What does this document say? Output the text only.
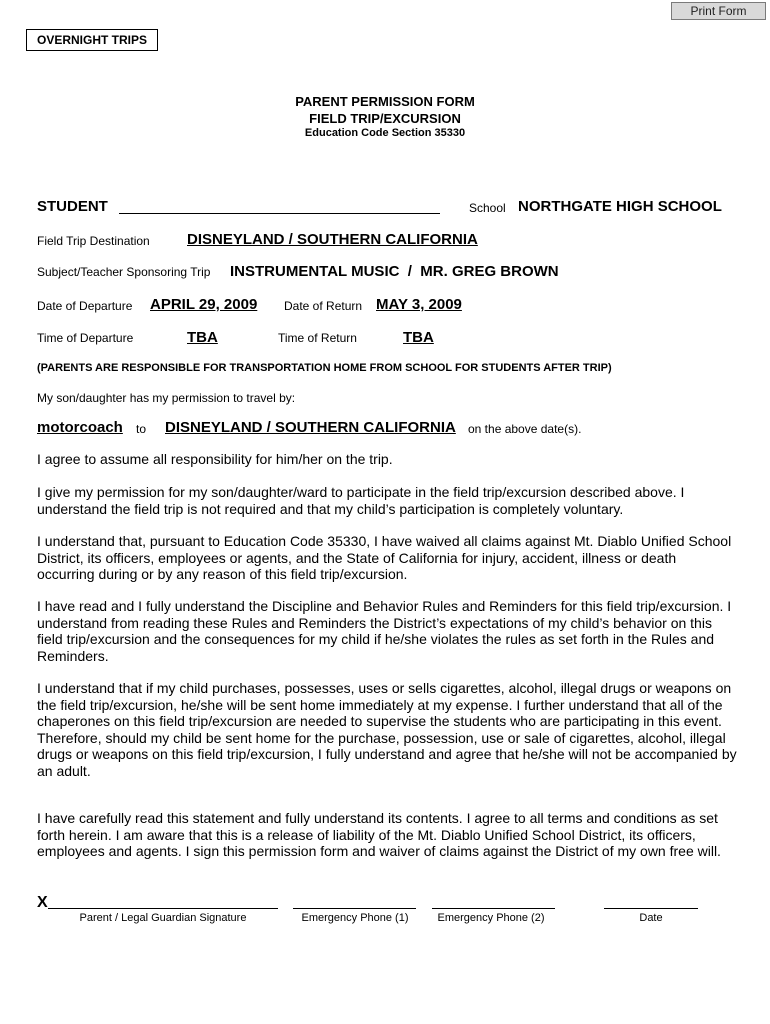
Print Form
OVERNIGHT TRIPS
PARENT PERMISSION FORM
FIELD TRIP/EXCURSION
Education Code Section 35330
STUDENT	School NORTHGATE HIGH SCHOOL
Field Trip Destination DISNEYLAND / SOUTHERN CALIFORNIA
Subject/Teacher Sponsoring Trip INSTRUMENTAL MUSIC  /  MR. GREG BROWN
Date of Departure APRIL 29, 2009 Date of Return MAY 3, 2009
Time of Departure	TBA	Time of Return	TBA
(PARENTS ARE RESPONSIBLE FOR TRANSPORTATION HOME FROM SCHOOL FOR STUDENTS AFTER TRIP)
My son/daughter has my permission to travel by:
motorcoach to DISNEYLAND / SOUTHERN CALIFORNIA on the above date(s).

I agree to assume all responsibility for him/her on the trip.

I give my permission for my son/daughter/ward to participate in the field trip/excursion described above. I understand the field trip is not required and that my child’s participation is completely voluntary.

I understand that, pursuant to Education Code 35330, I have waived all claims against Mt. Diablo Unified School District, its officers, employees or agents, and the State of California for injury, accident, illness or death occurring during or by any reason of this field trip/excursion.

I have read and I fully understand the Discipline and Behavior Rules and Reminders for this field trip/excursion. I understand from reading these Rules and Reminders the District’s expectations of my child’s behavior on this field trip/excursion and the consequences for my child if he/she violates the rules as set forth in the Rules and Reminders.

I understand that if my child purchases, possesses, uses or sells cigarettes, alcohol, illegal drugs or weapons on the field trip/excursion, he/she will be sent home immediately at my expense. I further understand that all of the chaperones on this field trip/excursion are needed to supervise the students who are participating in this event. Therefore, should my child be sent home for the purchase, possession, use or sale of cigarettes, alcohol, illegal drugs or weapons on this field trip/excursion, I fully understand and agree that he/she will not be accompanied by an adult.

I have carefully read this statement and fully understand its contents. I agree to all terms and conditions as set forth herein. I am aware that this is a release of liability of the Mt. Diablo Unified School District, its officers, employees and agents. I sign this permission form and waiver of claims against the District of my own free will.

X
Parent / Legal Guardian Signature	Emergency Phone (1)	Emergency Phone (2)	Date
